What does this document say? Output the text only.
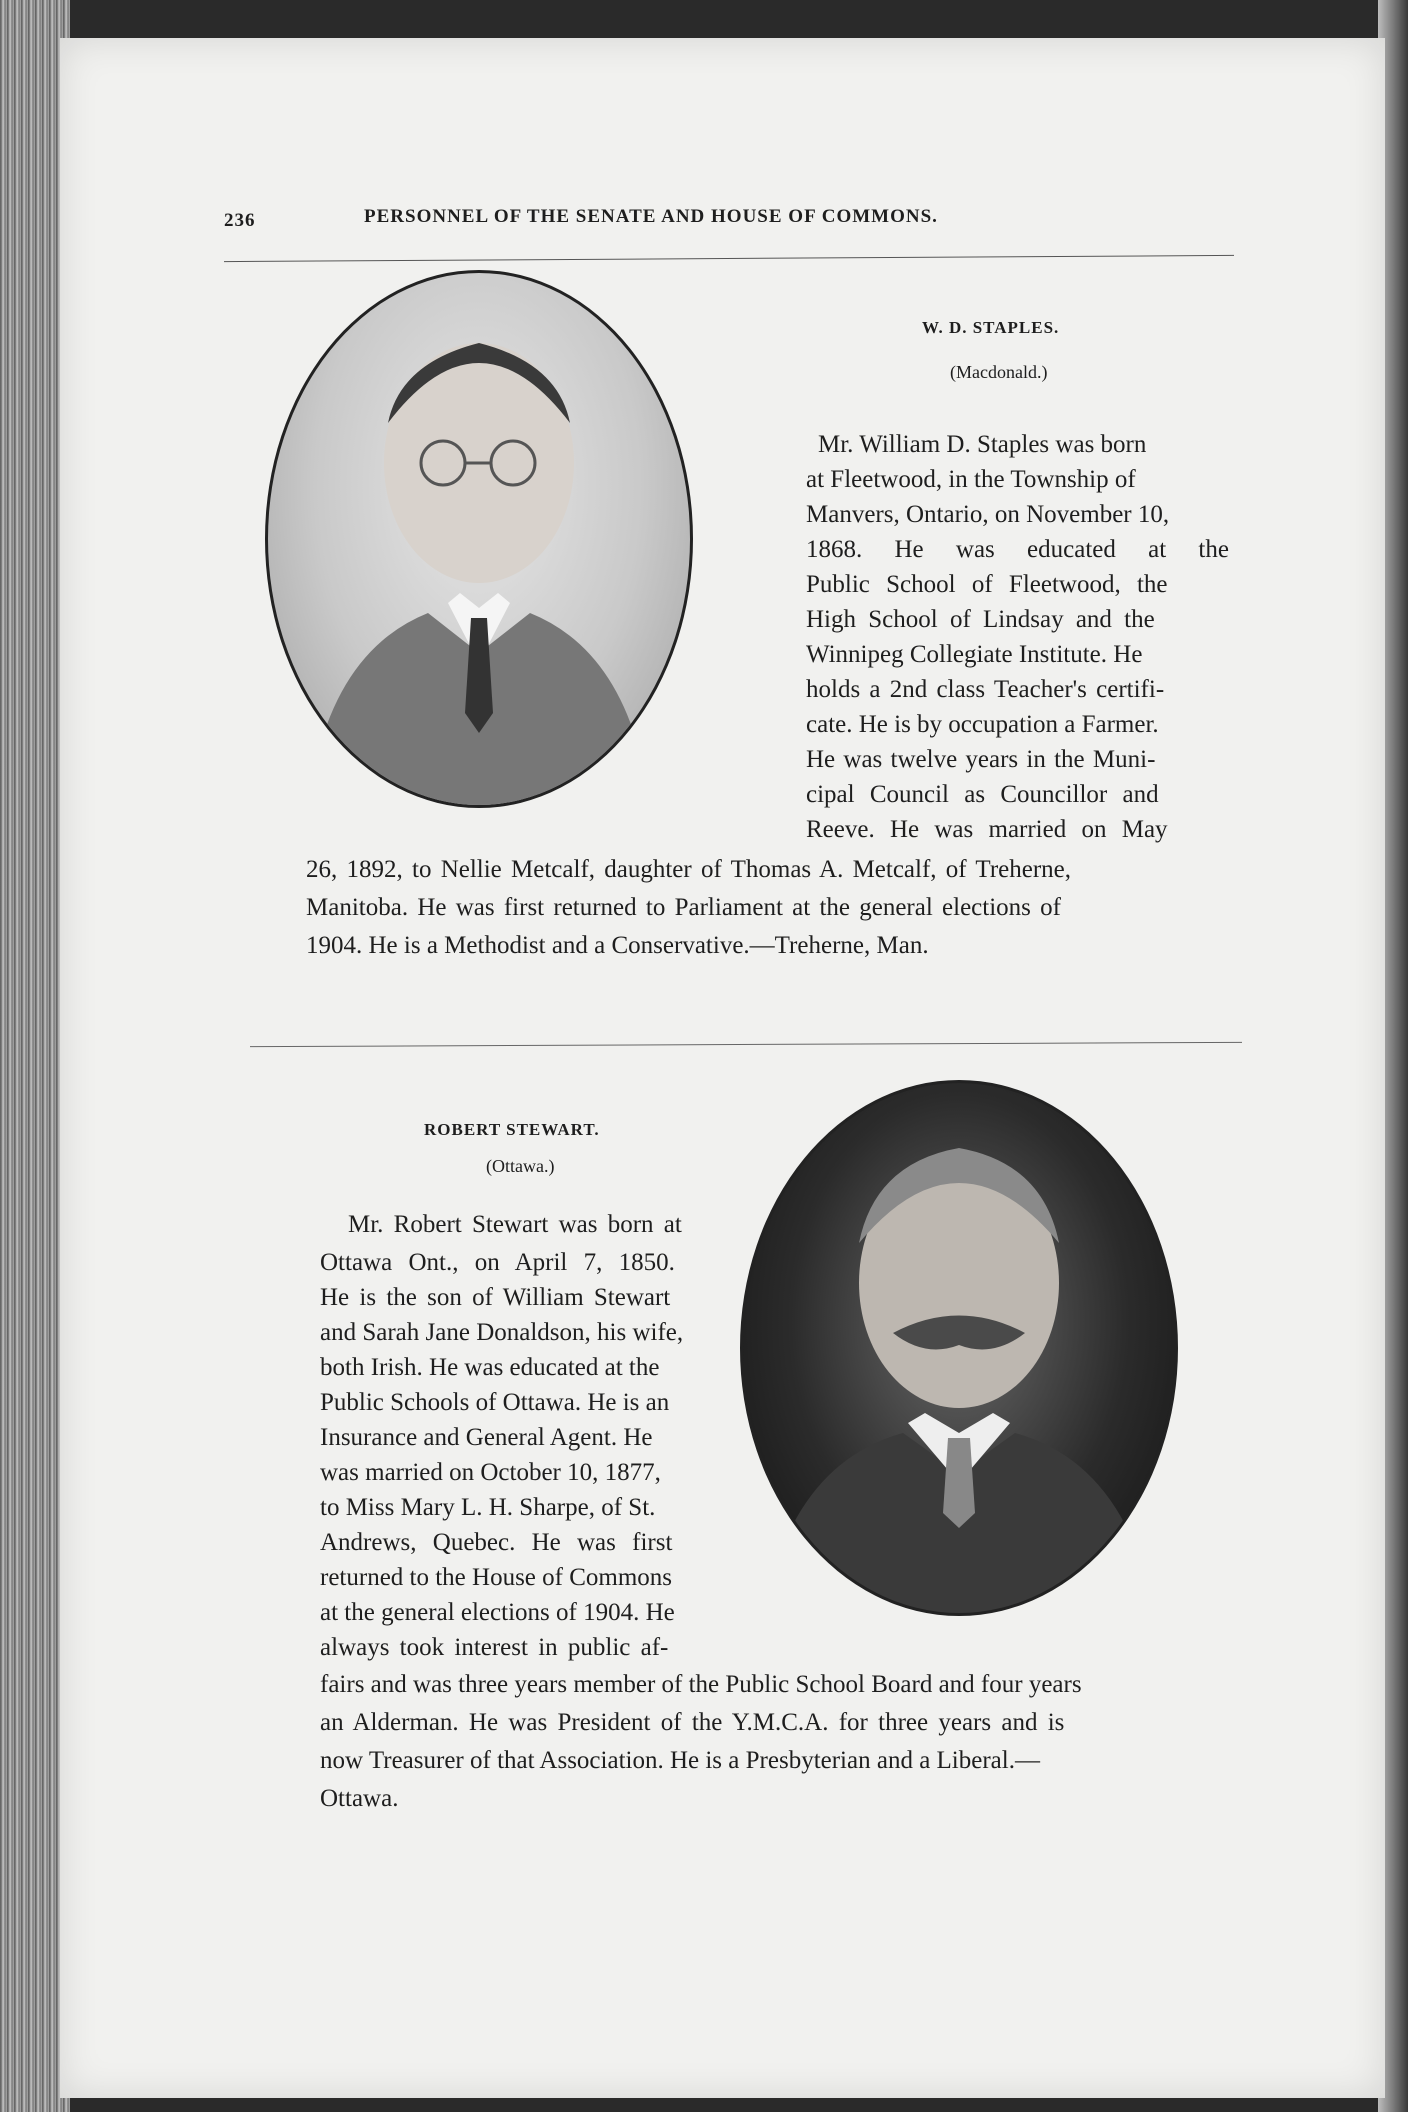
236	PERSONNEL OF THE SENATE AND HOUSE OF COMMONS.
W. D. STAPLES.
(Macdonald.)
Mr. William D. Staples was born
at Fleetwood, in the Township of
Manvers, Ontario, on November 10,
1868. He was educated at the
Public School of Fleetwood, the
High School of Lindsay and the
Winnipeg Collegiate Institute. He
holds a 2nd class Teacher's certifi-
cate. He is by occupation a Farmer.
He was twelve years in the Muni-
cipal Council as Councillor and
Reeve. He was married on May
26, 1892, to Nellie Metcalf, daughter of Thomas A. Metcalf, of Treherne,
Manitoba. He was first returned to Parliament at the general elections of
1904. He is a Methodist and a Conservative.—Treherne, Man.
ROBERT STEWART.
(Ottawa.)
Mr. Robert Stewart was born at
Ottawa Ont., on April 7, 1850.
He is the son of William Stewart
and Sarah Jane Donaldson, his wife,
both Irish. He was educated at the
Public Schools of Ottawa. He is an
Insurance and General Agent. He
was married on October 10, 1877,
to Miss Mary L. H. Sharpe, of St.
Andrews, Quebec. He was first
returned to the House of Commons
at the general elections of 1904. He
always took interest in public af-
fairs and was three years member of the Public School Board and four years
an Alderman. He was President of the Y.M.C.A. for three years and is
now Treasurer of that Association. He is a Presbyterian and a Liberal.—
Ottawa.
